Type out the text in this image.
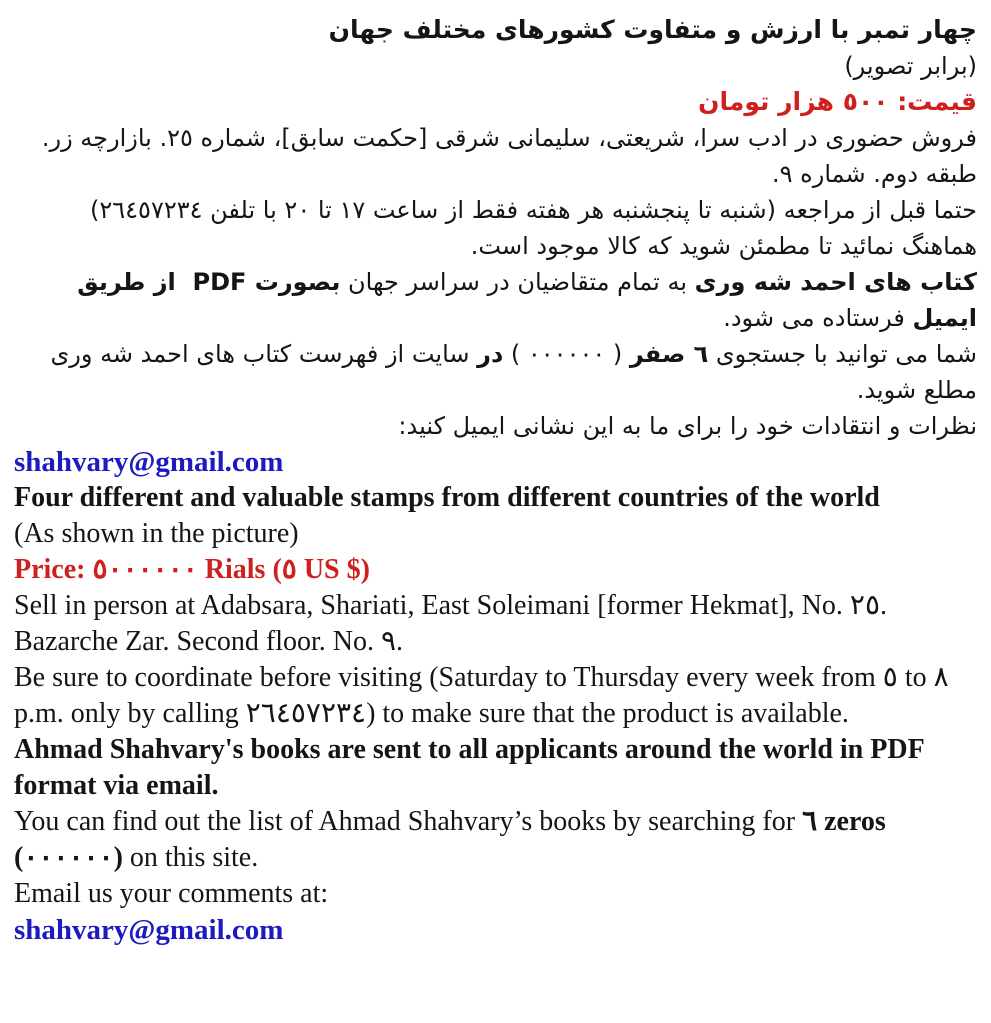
چهار تمبر با ارزش و متفاوت کشورهای مختلف جهان

(برابر تصویر)

قیمت: ٥٠٠ هزار تومان

فروش حضوری در ادب سرا، شریعتی، سلیمانی شرقی [حکمت سابق]، شماره ٢٥. بازارچه زر. طبقه دوم. شماره ٩.

حتما قبل از مراجعه (شنبه تا پنجشنبه هر هفته فقط از ساعت ١٧ تا ٢٠ با تلفن ٢٦٤٥٧٢٣٤) هماهنگ نمائید تا مطمئن شوید که کالا موجود است.

کتاب های احمد شه وری به تمام متقاضیان در سراسر جهان بصورت PDF  از طریق ایمیل فرستاده می شود.

شما می توانید با جستجوی ٦ صفر ( ٠٠٠٠٠٠ ) در سایت از فهرست کتاب های احمد شه وری مطلع شوید.

نظرات و انتقادات خود را برای ما به این نشانی ایمیل کنید:

shahvary@gmail.com

Four different and valuable stamps from different countries of the world

(As shown in the picture)

Price: ٥٠٠٠٠٠٠ Rials (٥ US $)

Sell in person at Adabsara, Shariati, East Soleimani [former Hekmat], No. ٢٥. Bazarche Zar. Second floor. No. ٩.

Be sure to coordinate before visiting (Saturday to Thursday every week from ٥ to ٨ p.m. only by calling ٢٦٤٥٧٢٣٤) to make sure that the product is available.

Ahmad Shahvary's books are sent to all applicants around the world in PDF format via email.

You can find out the list of Ahmad Shahvary’s books by searching for ٦ zeros (٠٠٠٠٠٠) on this site.

Email us your comments at:

shahvary@gmail.com
